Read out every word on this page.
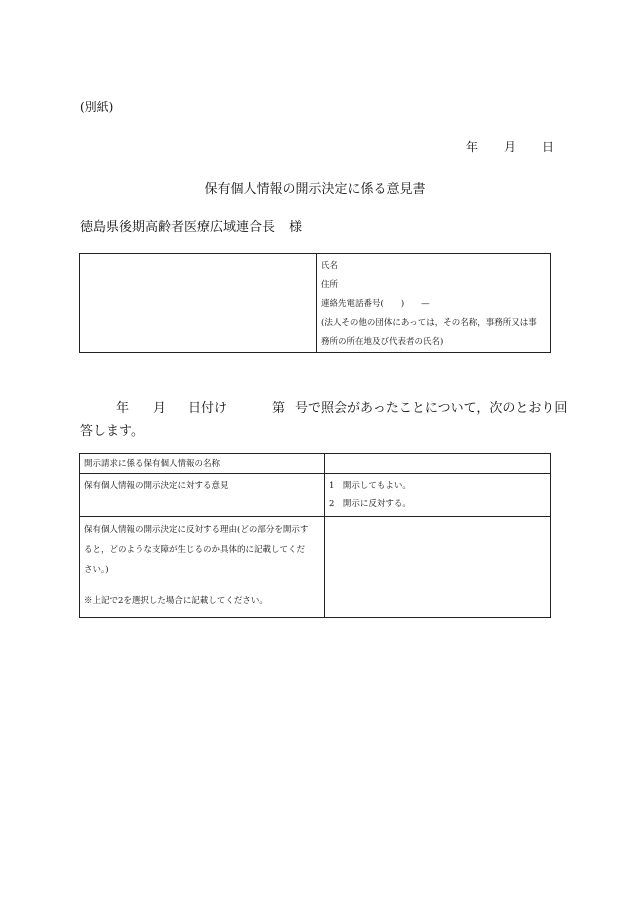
(別紙)
年 月 日
保有個人情報の開示決定に係る意見書
徳島県後期高齢者医療広域連合長 様

氏名
住所
連絡先電話番号(　　)　　—
(法人その他の団体にあっては，その名称，事務所又は事
務所の所在地及び代表者の氏名)
年 月 日付け	第 号で照会があったことについて，次のとおり回
答します。
開示請求に係る保有個人情報の名称	
保有個人情報の開示決定に対する意見	1　開示してもよい。
2　開示に反対する。

保有個人情報の開示決定に反対する理由(どの部分を開示すると，どのような支障が生じるのか具体的に記載してください。)
※上記で2を選択した場合に記載してください。	
